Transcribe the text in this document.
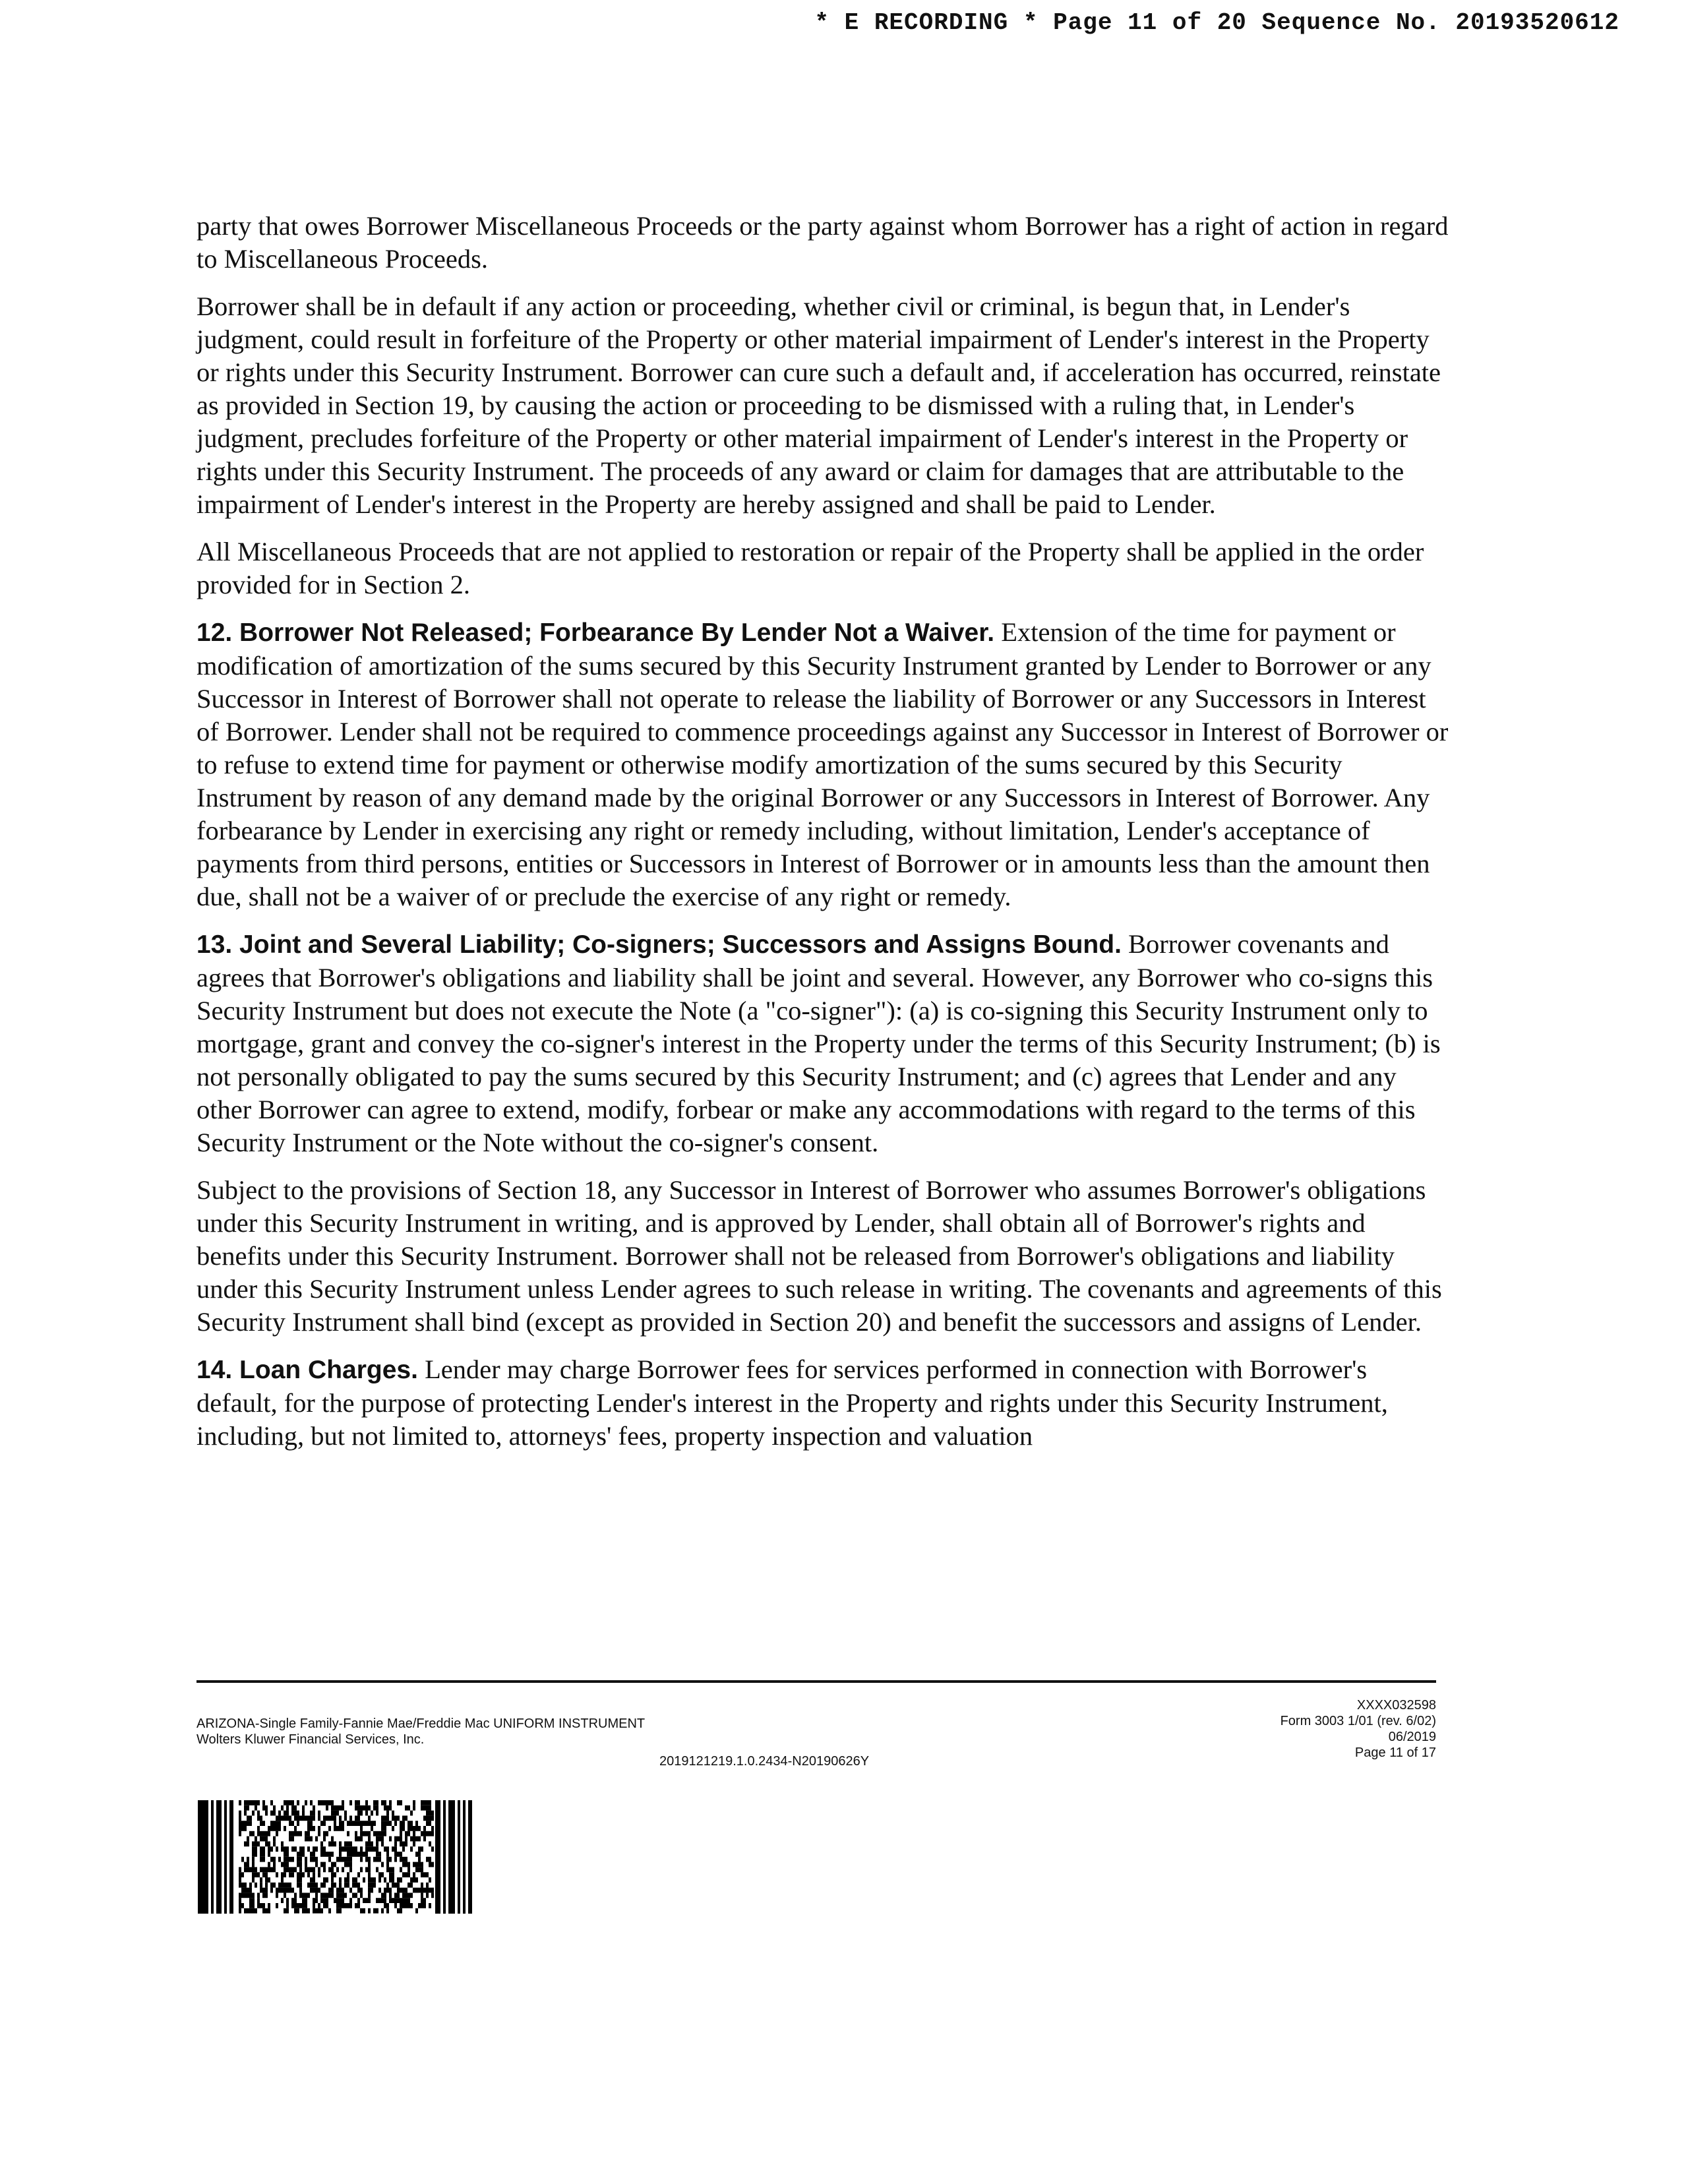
* E RECORDING * Page 11 of 20 Sequence No. 20193520612

party that owes Borrower Miscellaneous Proceeds or the party against whom Borrower has a right of action in regard to Miscellaneous Proceeds.

Borrower shall be in default if any action or proceeding, whether civil or criminal, is begun that, in Lender's judgment, could result in forfeiture of the Property or other material impairment of Lender's interest in the Property or rights under this Security Instrument. Borrower can cure such a default and, if acceleration has occurred, reinstate as provided in Section 19, by causing the action or proceeding to be dismissed with a ruling that, in Lender's judgment, precludes forfeiture of the Property or other material impairment of Lender's interest in the Property or rights under this Security Instrument. The proceeds of any award or claim for damages that are attributable to the impairment of Lender's interest in the Property are hereby assigned and shall be paid to Lender.

All Miscellaneous Proceeds that are not applied to restoration or repair of the Property shall be applied in the order provided for in Section 2.

12. Borrower Not Released; Forbearance By Lender Not a Waiver. Extension of the time for payment or modification of amortization of the sums secured by this Security Instrument granted by Lender to Borrower or any Successor in Interest of Borrower shall not operate to release the liability of Borrower or any Successors in Interest of Borrower. Lender shall not be required to commence proceedings against any Successor in Interest of Borrower or to refuse to extend time for payment or otherwise modify amortization of the sums secured by this Security Instrument by reason of any demand made by the original Borrower or any Successors in Interest of Borrower. Any forbearance by Lender in exercising any right or remedy including, without limitation, Lender's acceptance of payments from third persons, entities or Successors in Interest of Borrower or in amounts less than the amount then due, shall not be a waiver of or preclude the exercise of any right or remedy.

13. Joint and Several Liability; Co-signers; Successors and Assigns Bound. Borrower covenants and agrees that Borrower's obligations and liability shall be joint and several. However, any Borrower who co-signs this Security Instrument but does not execute the Note (a "co-signer"): (a) is co-signing this Security Instrument only to mortgage, grant and convey the co-signer's interest in the Property under the terms of this Security Instrument; (b) is not personally obligated to pay the sums secured by this Security Instrument; and (c) agrees that Lender and any other Borrower can agree to extend, modify, forbear or make any accommodations with regard to the terms of this Security Instrument or the Note without the co-signer's consent.

Subject to the provisions of Section 18, any Successor in Interest of Borrower who assumes Borrower's obligations under this Security Instrument in writing, and is approved by Lender, shall obtain all of Borrower's rights and benefits under this Security Instrument. Borrower shall not be released from Borrower's obligations and liability under this Security Instrument unless Lender agrees to such release in writing. The covenants and agreements of this Security Instrument shall bind (except as provided in Section 20) and benefit the successors and assigns of Lender.

14. Loan Charges. Lender may charge Borrower fees for services performed in connection with Borrower's default, for the purpose of protecting Lender's interest in the Property and rights under this Security Instrument, including, but not limited to, attorneys' fees, property inspection and valuation

ARIZONA-Single Family-Fannie Mae/Freddie Mac UNIFORM INSTRUMENT
Wolters Kluwer Financial Services, Inc.
2019121219.1.0.2434-N20190626Y
XXXX032598
Form 3003 1/01 (rev. 6/02)
06/2019
Page 11 of 17
